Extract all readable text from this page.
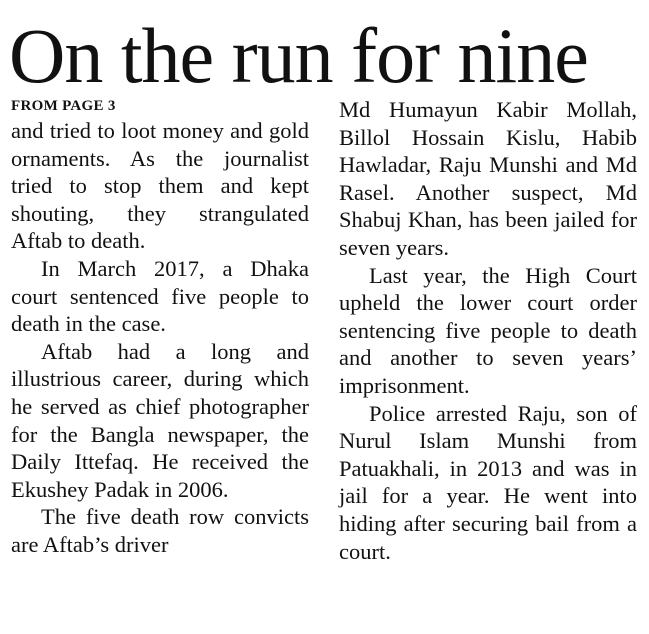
On the run for nine
FROM PAGE 3

and tried to loot money and gold ornaments. As the journalist tried to stop them and kept shouting, they strangulated Aftab to death.

In March 2017, a Dhaka court sentenced five people to death in the case.

Aftab had a long and illustrious career, during which he served as chief photographer for the Bangla newspaper, the Daily Ittefaq. He received the Ekushey Padak in 2006.

The five death row convicts are Aftab’s driver

Md Humayun Kabir Mollah, Billol Hossain Kislu, Habib Hawladar, Raju Munshi and Md Rasel. Another suspect, Md Shabuj Khan, has been jailed for seven years.

Last year, the High Court upheld the lower court order sentencing five people to death and another to seven years’ imprisonment.

Police arrested Raju, son of Nurul Islam Munshi from Patuakhali, in 2013 and was in jail for a year. He went into hiding after securing bail from a court.
